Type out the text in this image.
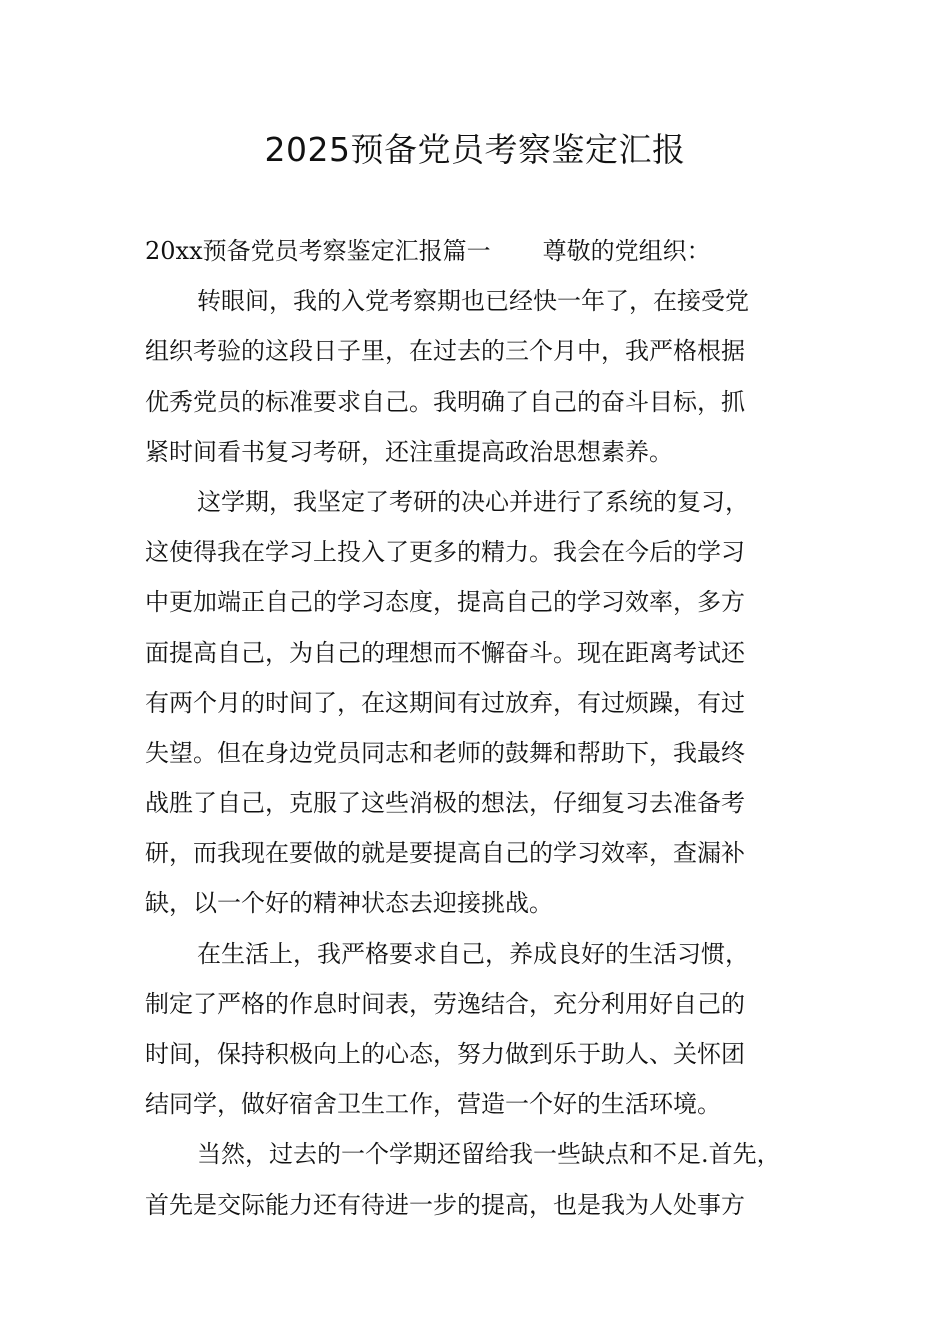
2025预备党员考察鉴定汇报
20xx预备党员考察鉴定汇报篇一 尊敬的党组织：
转眼间，我的入党考察期也已经快一年了，在接受党
组织考验的这段日子里，在过去的三个月中，我严格根据
优秀党员的标准要求自己。我明确了自己的奋斗目标，抓
紧时间看书复习考研，还注重提高政治思想素养。
这学期，我坚定了考研的决心并进行了系统的复习，
这使得我在学习上投入了更多的精力。我会在今后的学习
中更加端正自己的学习态度，提高自己的学习效率，多方
面提高自己，为自己的理想而不懈奋斗。现在距离考试还
有两个月的时间了，在这期间有过放弃，有过烦躁，有过
失望。但在身边党员同志和老师的鼓舞和帮助下，我最终
战胜了自己，克服了这些消极的想法，仔细复习去准备考
研，而我现在要做的就是要提高自己的学习效率，查漏补
缺，以一个好的精神状态去迎接挑战。
在生活上，我严格要求自己，养成良好的生活习惯，
制定了严格的作息时间表，劳逸结合，充分利用好自己的
时间，保持积极向上的心态，努力做到乐于助人、关怀团
结同学，做好宿舍卫生工作，营造一个好的生活环境。
当然，过去的一个学期还留给我一些缺点和不足.首先，
首先是交际能力还有待进一步的提高，也是我为人处事方
